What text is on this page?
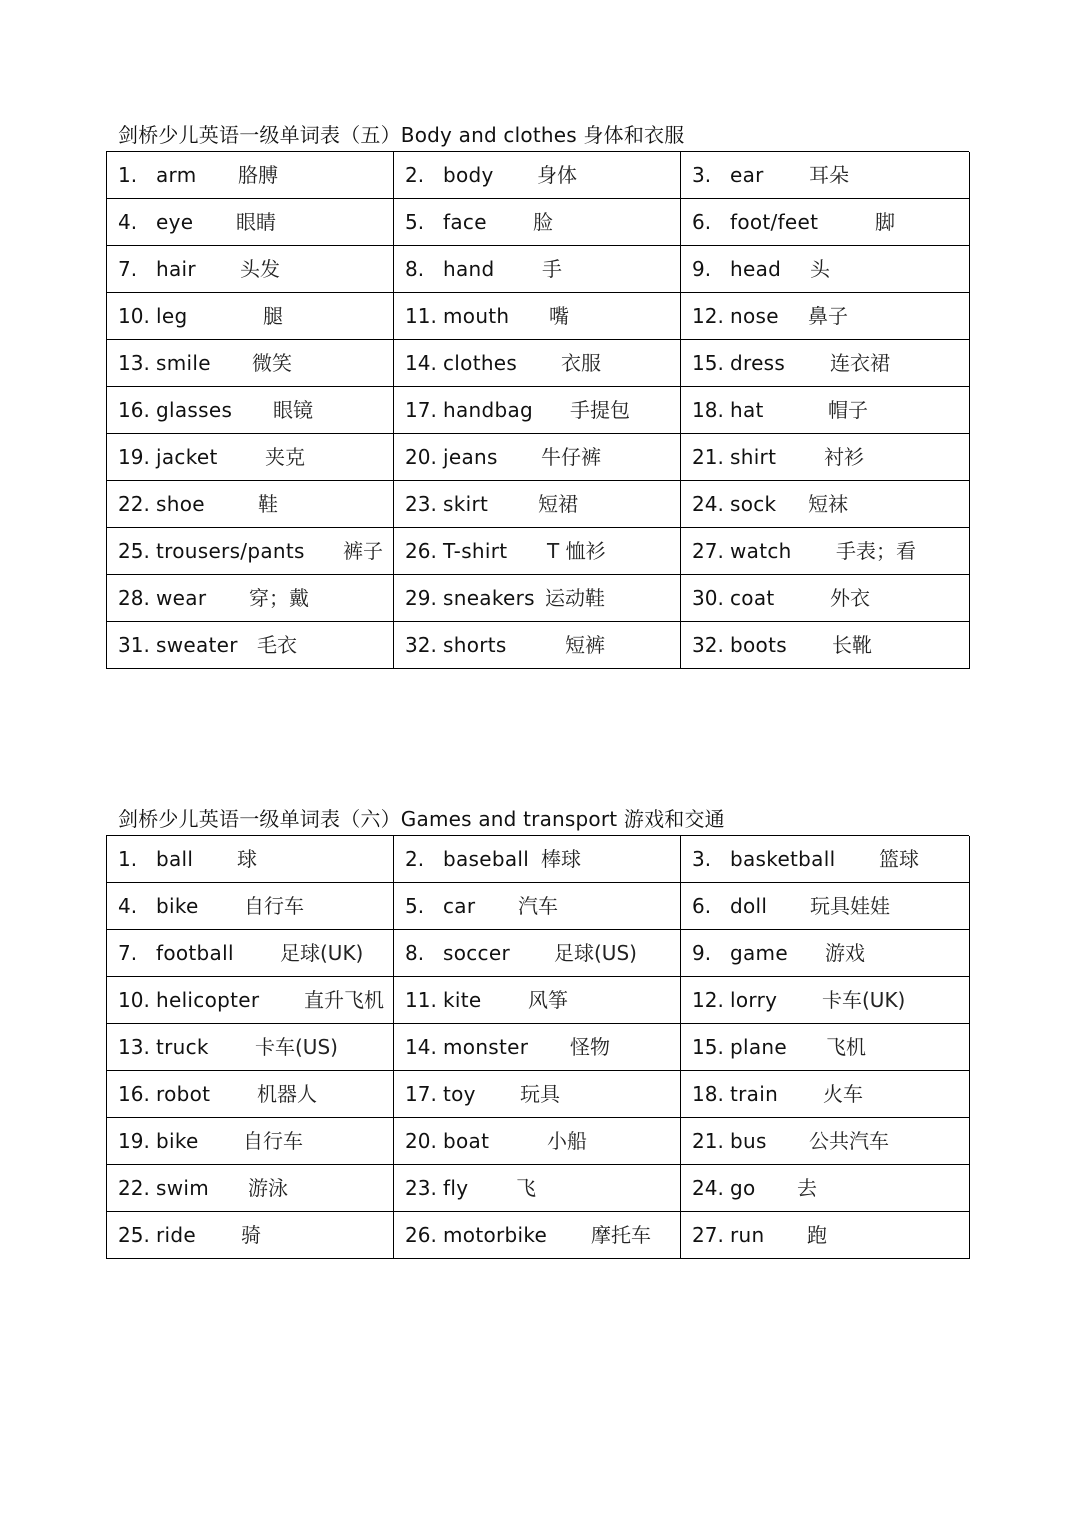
剑桥少儿英语一级单词表（五）Body and clothes 身体和衣服
1. arm 胳膊	2. body 身体	3. ear 耳朵
4. eye 眼睛	5. face 脸	6. foot/feet	脚
7. hair 头发	8. hand 手	9. head 头
10. leg	腿	11. mouth 嘴	12. nose 鼻子
13. smile 微笑	14. clothes 衣服	15. dress 连衣裙
16. glasses 眼镜	17. handbag 手提包	18. hat	帽子
19. jacket 夹克	20. jeans 牛仔裤	21. shirt 衬衫
22. shoe	鞋	23. skirt 短裙	24. sock 短袜
25. trousers/pants 裤子 26. T-shirt T 恤衫	27. watch 手表；看
28. wear 穿；戴	29. sneakers 运动鞋	30. coat	外衣
31. sweater 毛衣	32. shorts	短裤	32. boots 长靴
剑桥少儿英语一级单词表（六）Games and transport 游戏和交通
1. ball 球	2. baseball 棒球	3. basketball 篮球
4. bike 自行车	5. car 汽车	6. doll 玩具娃娃
7. football 足球(UK) 8. soccer 足球(US)	9. game 游戏
10. helicopter 直升飞机 11. kite 风筝	12. lorry 卡车(UK)
13. truck 卡车(US)	14. monster 怪物	15. plane 飞机
16. robot 机器人	17. toy 玩具	18. train 火车
19. bike 自行车	20. boat	小船	21. bus 公共汽车
22. swim 游泳	23. fly 飞	24. go 去
25. ride 骑	26. motorbike 摩托车 27. run 跑
